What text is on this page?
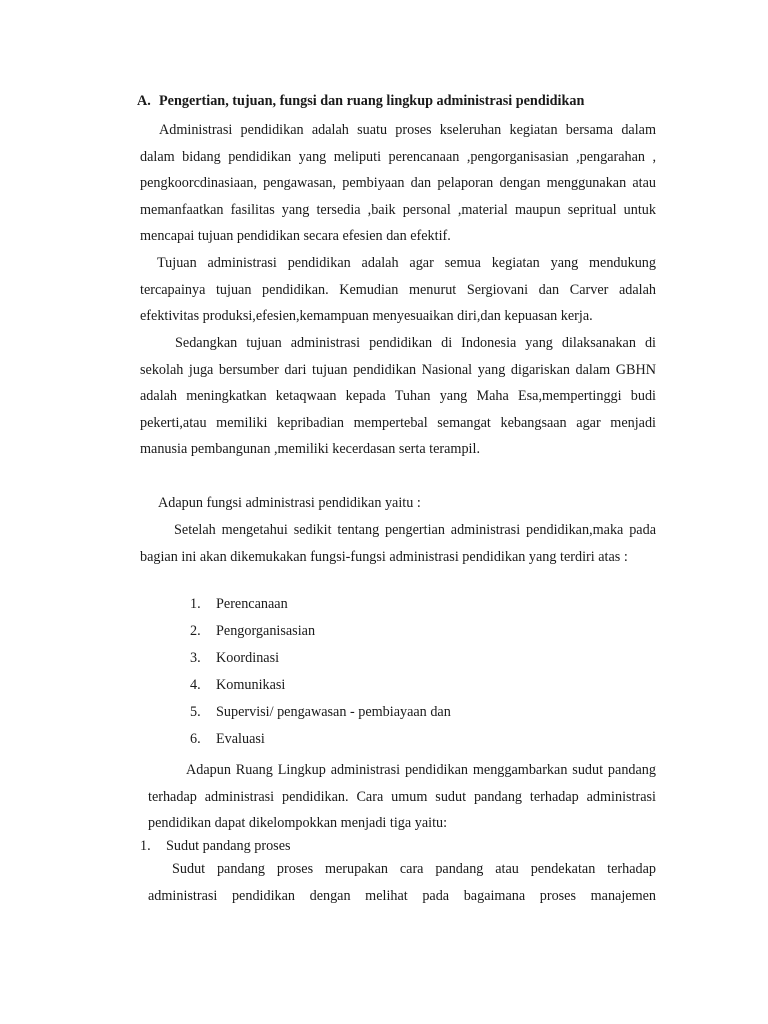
A. Pengertian, tujuan, fungsi dan ruang lingkup administrasi pendidikan

Administrasi pendidikan adalah suatu proses kseleruhan kegiatan bersama dalam dalam bidang pendidikan yang meliputi perencanaan ,pengorganisasian ,pengarahan , pengkoorcdinasiaan, pengawasan, pembiyaan dan pelaporan dengan menggunakan atau memanfaatkan fasilitas yang tersedia ,baik personal ,material maupun sepritual untuk mencapai tujuan pendidikan secara efesien dan efektif.

Tujuan administrasi pendidikan adalah agar semua kegiatan yang mendukung tercapainya tujuan pendidikan. Kemudian menurut Sergiovani dan Carver adalah efektivitas produksi,efesien,kemampuan menyesuaikan diri,dan kepuasan kerja.

Sedangkan tujuan administrasi pendidikan di Indonesia yang dilaksanakan di sekolah juga bersumber dari tujuan pendidikan Nasional yang digariskan dalam GBHN adalah meningkatkan ketaqwaan kepada Tuhan yang Maha Esa,mempertinggi budi pekerti,atau memiliki kepribadian mempertebal semangat kebangsaan agar menjadi manusia pembangunan ,memiliki kecerdasan serta terampil.

Adapun fungsi administrasi pendidikan yaitu :

Setelah mengetahui sedikit tentang pengertian administrasi pendidikan,maka pada bagian ini akan dikemukakan fungsi-fungsi administrasi pendidikan yang terdiri atas :

1.	Perencanaan
2.	Pengorganisasian
3.	Koordinasi
4.	Komunikasi
5.	Supervisi/ pengawasan - pembiayaan dan
6.	Evaluasi

Adapun Ruang Lingkup administrasi pendidikan menggambarkan sudut pandang terhadap administrasi pendidikan. Cara umum sudut pandang terhadap administrasi pendidikan dapat dikelompokkan menjadi tiga yaitu:

1. Sudut pandang proses

Sudut pandang proses merupakan cara pandang atau pendekatan terhadap administrasi pendidikan dengan melihat pada bagaimana proses manajemen
